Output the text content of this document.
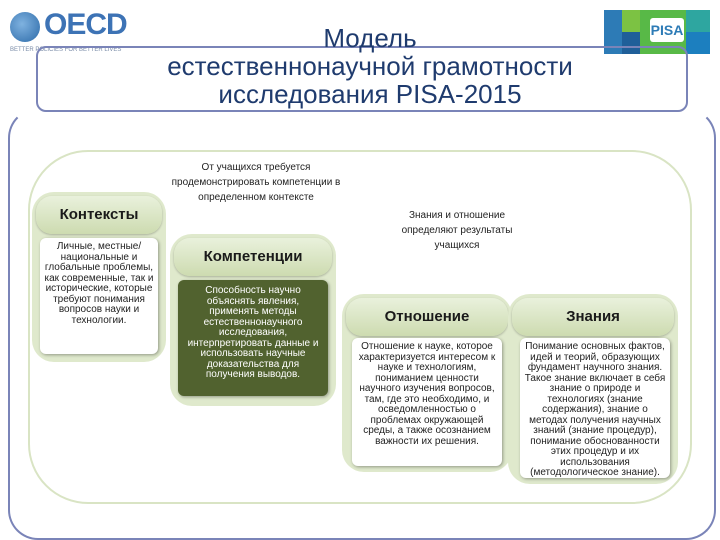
OECD
BETTER POLICIES FOR BETTER LIVES
PISA
Модель
естественнонаучной грамотности
исследования PISA-2015
Контексты
Личные, местные/национальные и глобальные проблемы, как современные, так и исторические, которые требуют понимания вопросов науки и технологии.
От учащихся требуется продемонстрировать компетенции в определенном контексте
Компетенции
Способность научно объяснять явления, применять методы естественнонаучного исследования, интерпретировать данные и использовать научные доказательства для получения выводов.
Знания и отношение определяют результаты учащихся
Отношение
Отношение к науке, которое характеризуется интересом к науке и технологиям, пониманием ценности научного изучения вопросов, там, где это необходимо, и осведомленностью о проблемах окружающей среды, а также осознанием важности их решения.
Знания
Понимание основных фактов, идей и теорий, образующих фундамент научного знания. Такое знание включает в себя знание о природе и технологиях (знание содержания), знание о методах получения научных знаний (знание процедур), понимание обоснованности этих процедур и их использования (методологическое знание).
